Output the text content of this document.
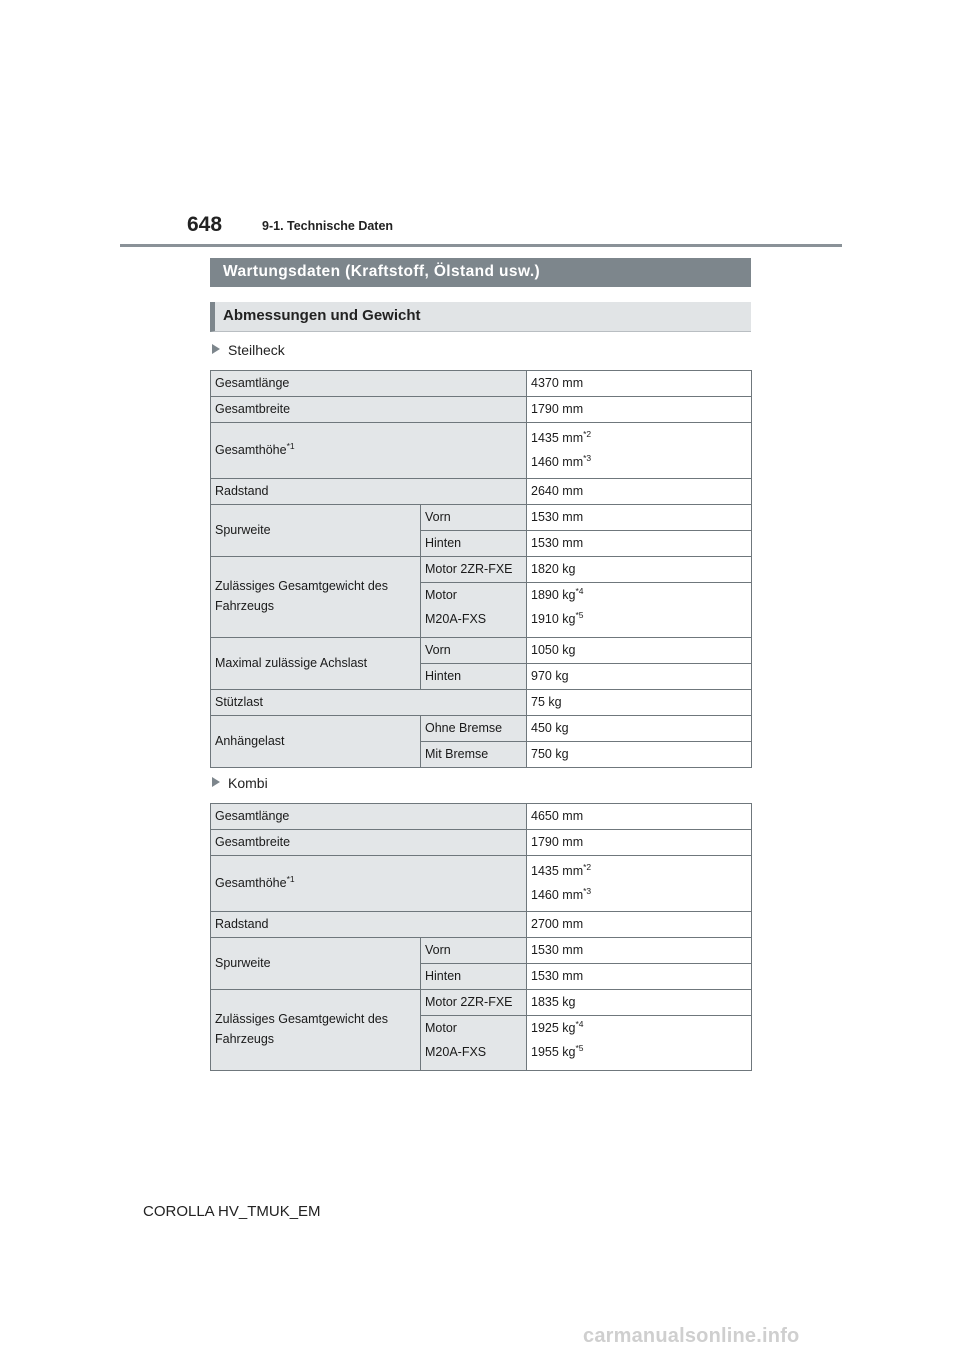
648	9-1. Technische Daten
Wartungsdaten (Kraftstoff, Ölstand usw.)
Abmessungen und Gewicht
Steilheck
Gesamtlänge		4370 mm
Gesamtbreite		1790 mm
Gesamthöhe$^{*1}$		1435 $mm^{*2}$
1460 $mm^{*3}$

Radstand		2640 mm
Spurweite	Vorn	1530 mm
	Hinten	1530 mm
Zulässiges Gesamtgewicht des
Fahrzeugs	Motor 2ZR-FXE	1820 kg
	Motor
M20A-FXS	1890 $kg^{*4}$
1910 $kg^{*5}$

Maximal zulässige Achslast	Vorn	1050 kg
	Hinten	970 kg
Stützlast		75 kg
Anhängelast	Ohne Bremse	450 kg
	Mit Bremse	750 kg
Kombi
Gesamtlänge		4650 mm
Gesamtbreite		1790 mm
Gesamthöhe$^{*1}$		1435 $mm^{*2}$
1460 $mm^{*3}$

Radstand		2700 mm
Spurweite	Vorn	1530 mm
	Hinten	1530 mm
Zulässiges Gesamtgewicht des
Fahrzeugs	Motor 2ZR-FXE	1835 kg
	Motor
M20A-FXS	1925 $kg^{*4}$
1955 $kg^{*5}$
COROLLA HV_TMUK_EM
carmanualsonline.info
